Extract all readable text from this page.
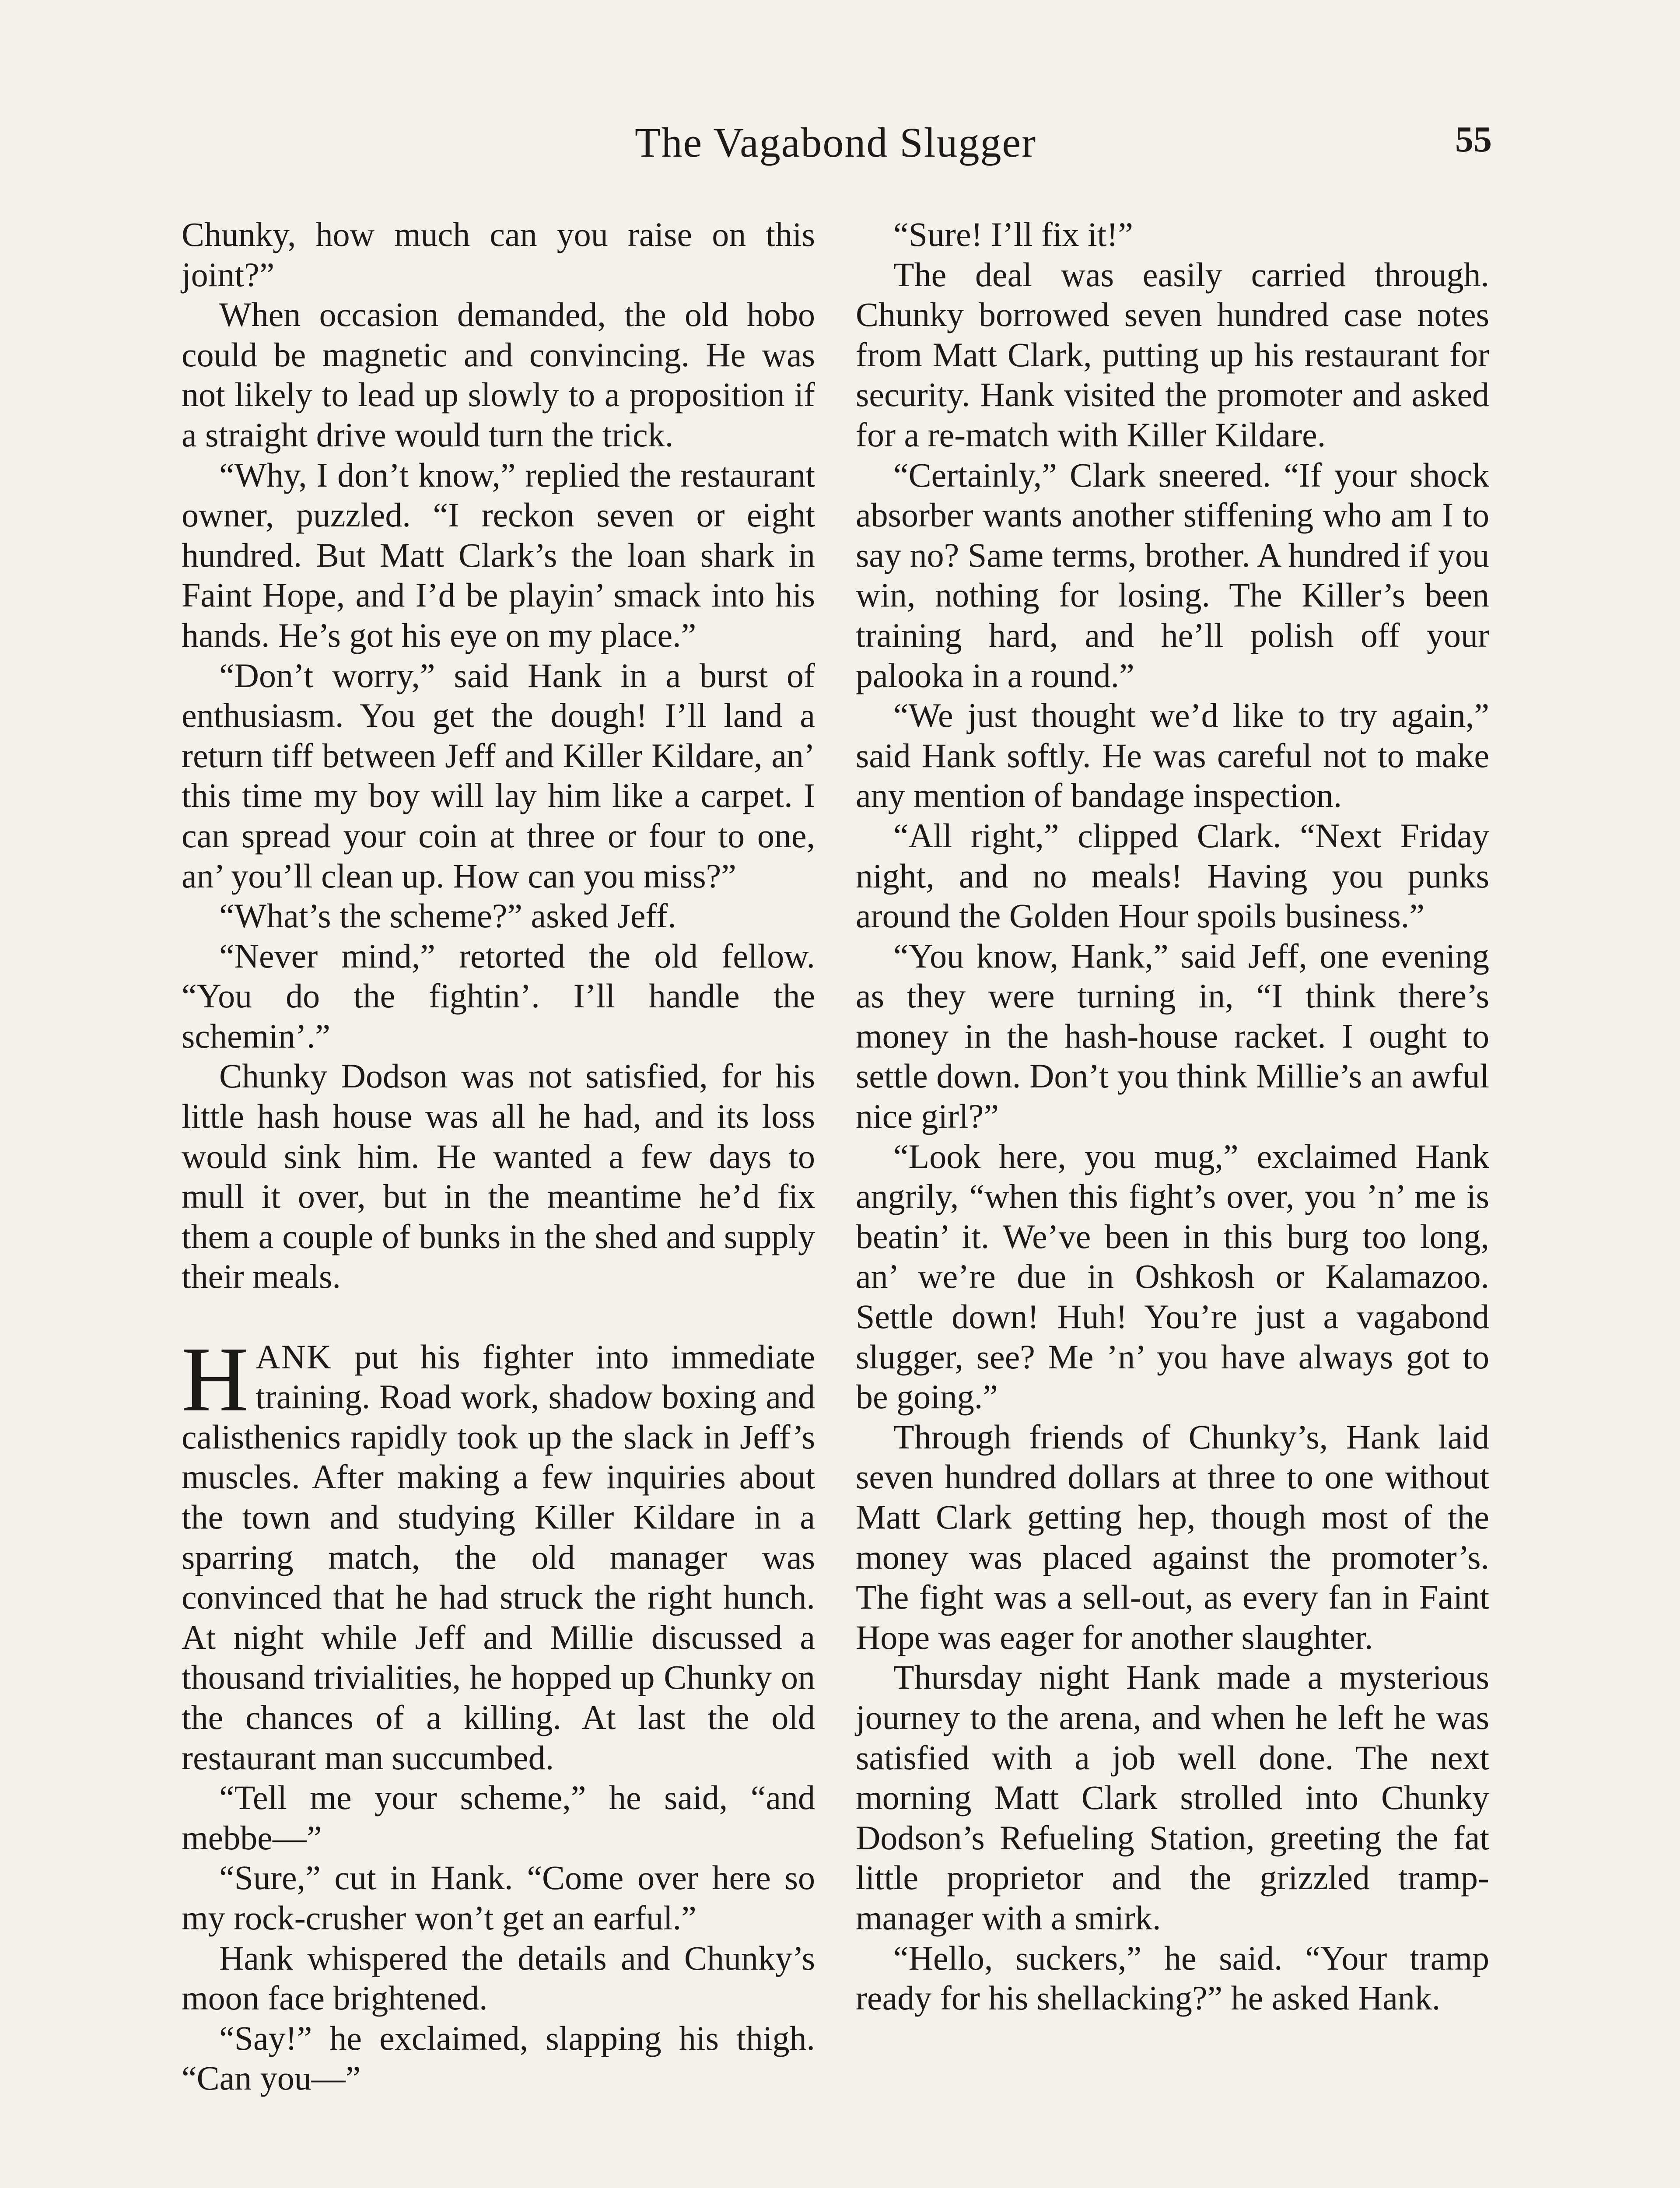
The Vagabond Slugger	55

Chunky, how much can you raise on this joint?”

When occasion demanded, the old hobo could be magnetic and convincing. He was not likely to lead up slowly to a proposition if a straight drive would turn the trick.

“Why, I don’t know,” replied the restaurant owner, puzzled. “I reckon seven or eight hundred. But Matt Clark’s the loan shark in Faint Hope, and I’d be playin’ smack into his hands. He’s got his eye on my place.”

“Don’t worry,” said Hank in a burst of enthusiasm. You get the dough! I’ll land a return tiff between Jeff and Killer Kildare, an’ this time my boy will lay him like a carpet. I can spread your coin at three or four to one, an’ you’ll clean up. How can you miss?”

“What’s the scheme?” asked Jeff.

“Never mind,” retorted the old fellow. “You do the fightin’. I’ll handle the schemin’.”

Chunky Dodson was not satisfied, for his little hash house was all he had, and its loss would sink him. He wanted a few days to mull it over, but in the meantime he’d fix them a couple of bunks in the shed and supply their meals.

HANK put his fighter into immediate training. Road work, shadow boxing and calisthenics rapidly took up the slack in Jeff’s muscles. After making a few inquiries about the town and studying Killer Kildare in a sparring match, the old manager was convinced that he had struck the right hunch. At night while Jeff and Millie discussed a thousand trivialities, he hopped up Chunky on the chances of a killing. At last the old restaurant man succumbed.

“Tell me your scheme,” he said, “and mebbe—”

“Sure,” cut in Hank. “Come over here so my rock-crusher won’t get an earful.”

Hank whispered the details and Chunky’s moon face brightened.

“Say!” he exclaimed, slapping his thigh. “Can you—”

“Sure! I’ll fix it!”

The deal was easily carried through. Chunky borrowed seven hundred case notes from Matt Clark, putting up his restaurant for security. Hank visited the promoter and asked for a re-match with Killer Kildare.

“Certainly,” Clark sneered. “If your shock absorber wants another stiffening who am I to say no? Same terms, brother. A hundred if you win, nothing for losing. The Killer’s been training hard, and he’ll polish off your palooka in a round.”

“We just thought we’d like to try again,” said Hank softly. He was careful not to make any mention of bandage inspection.

“All right,” clipped Clark. “Next Friday night, and no meals! Having you punks around the Golden Hour spoils business.”

“You know, Hank,” said Jeff, one evening as they were turning in, “I think there’s money in the hash-house racket. I ought to settle down. Don’t you think Millie’s an awful nice girl?”

“Look here, you mug,” exclaimed Hank angrily, “when this fight’s over, you ’n’ me is beatin’ it. We’ve been in this burg too long, an’ we’re due in Oshkosh or Kalamazoo. Settle down! Huh! You’re just a vagabond slugger, see? Me ’n’ you have always got to be going.”

Through friends of Chunky’s, Hank laid seven hundred dollars at three to one without Matt Clark getting hep, though most of the money was placed against the promoter’s. The fight was a sell-out, as every fan in Faint Hope was eager for another slaughter.

Thursday night Hank made a mysterious journey to the arena, and when he left he was satisfied with a job well done. The next morning Matt Clark strolled into Chunky Dodson’s Refueling Station, greeting the fat little proprietor and the grizzled tramp-manager with a smirk.

“Hello, suckers,” he said. “Your tramp ready for his shellacking?” he asked Hank.
